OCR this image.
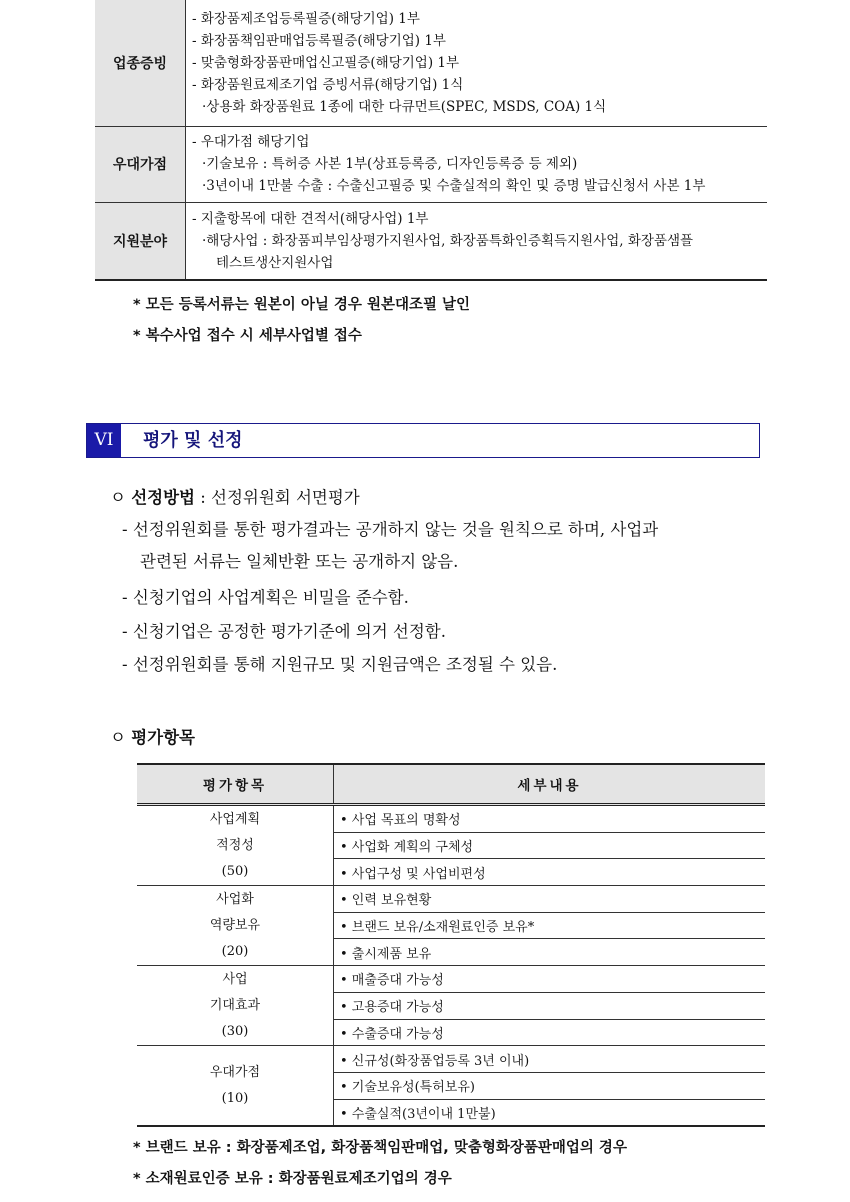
업종증빙	- 화장품제조업등록필증(해당기업) 1부
- 화장품책임판매업등록필증(해당기업) 1부
- 맞춤형화장품판매업신고필증(해당기업) 1부
- 화장품원료제조기업 증빙서류(해당기업) 1식
·상용화 화장품원료 1종에 대한 다큐먼트(SPEC, MSDS, COA) 1식

우대가점	- 우대가점 해당기업
·기술보유 : 특허증 사본 1부(상표등록증, 디자인등록증 등 제외)
·3년이내 1만불 수출 : 수출신고필증 및 수출실적의 확인 및 증명 발급신청서 사본 1부

지원분야	- 지출항목에 대한 견적서(해당사업) 1부
·해당사업 : 화장품피부임상평가지원사업, 화장품특화인증획득지원사업, 화장품샘플
테스트생산지원사업
* 모든 등록서류는 원본이 아닐 경우 원본대조필 날인
* 복수사업 접수 시 세부사업별 접수
VI	평가 및 선정
ㅇ 선정방법 : 선정위원회 서면평가
- 선정위원회를 통한 평가결과는 공개하지 않는 것을 원칙으로 하며, 사업과
관련된 서류는 일체반환 또는 공개하지 않음.
- 신청기업의 사업계획은 비밀을 준수함.
- 신청기업은 공정한 평가기준에 의거 선정함.
- 선정위원회를 통해 지원규모 및 지원금액은 조정될 수 있음.
ㅇ 평가항목
평가항목	세부내용

사업계획
적정성
(50)	• 사업 목표의 명확성
	• 사업화 계획의 구체성
	• 사업구성 및 사업비편성

사업화
역량보유
(20)	• 인력 보유현황
	• 브랜드 보유/소재원료인증 보유*
	• 출시제품 보유

사업
기대효과
(30)	• 매출증대 가능성
	• 고용증대 가능성
	• 수출증대 가능성

우대가점
(10)	• 신규성(화장품업등록 3년 이내)
	• 기술보유성(특허보유)
	• 수출실적(3년이내 1만불)
* 브랜드 보유 : 화장품제조업, 화장품책임판매업, 맞춤형화장품판매업의 경우
* 소재원료인증 보유 : 화장품원료제조기업의 경우
